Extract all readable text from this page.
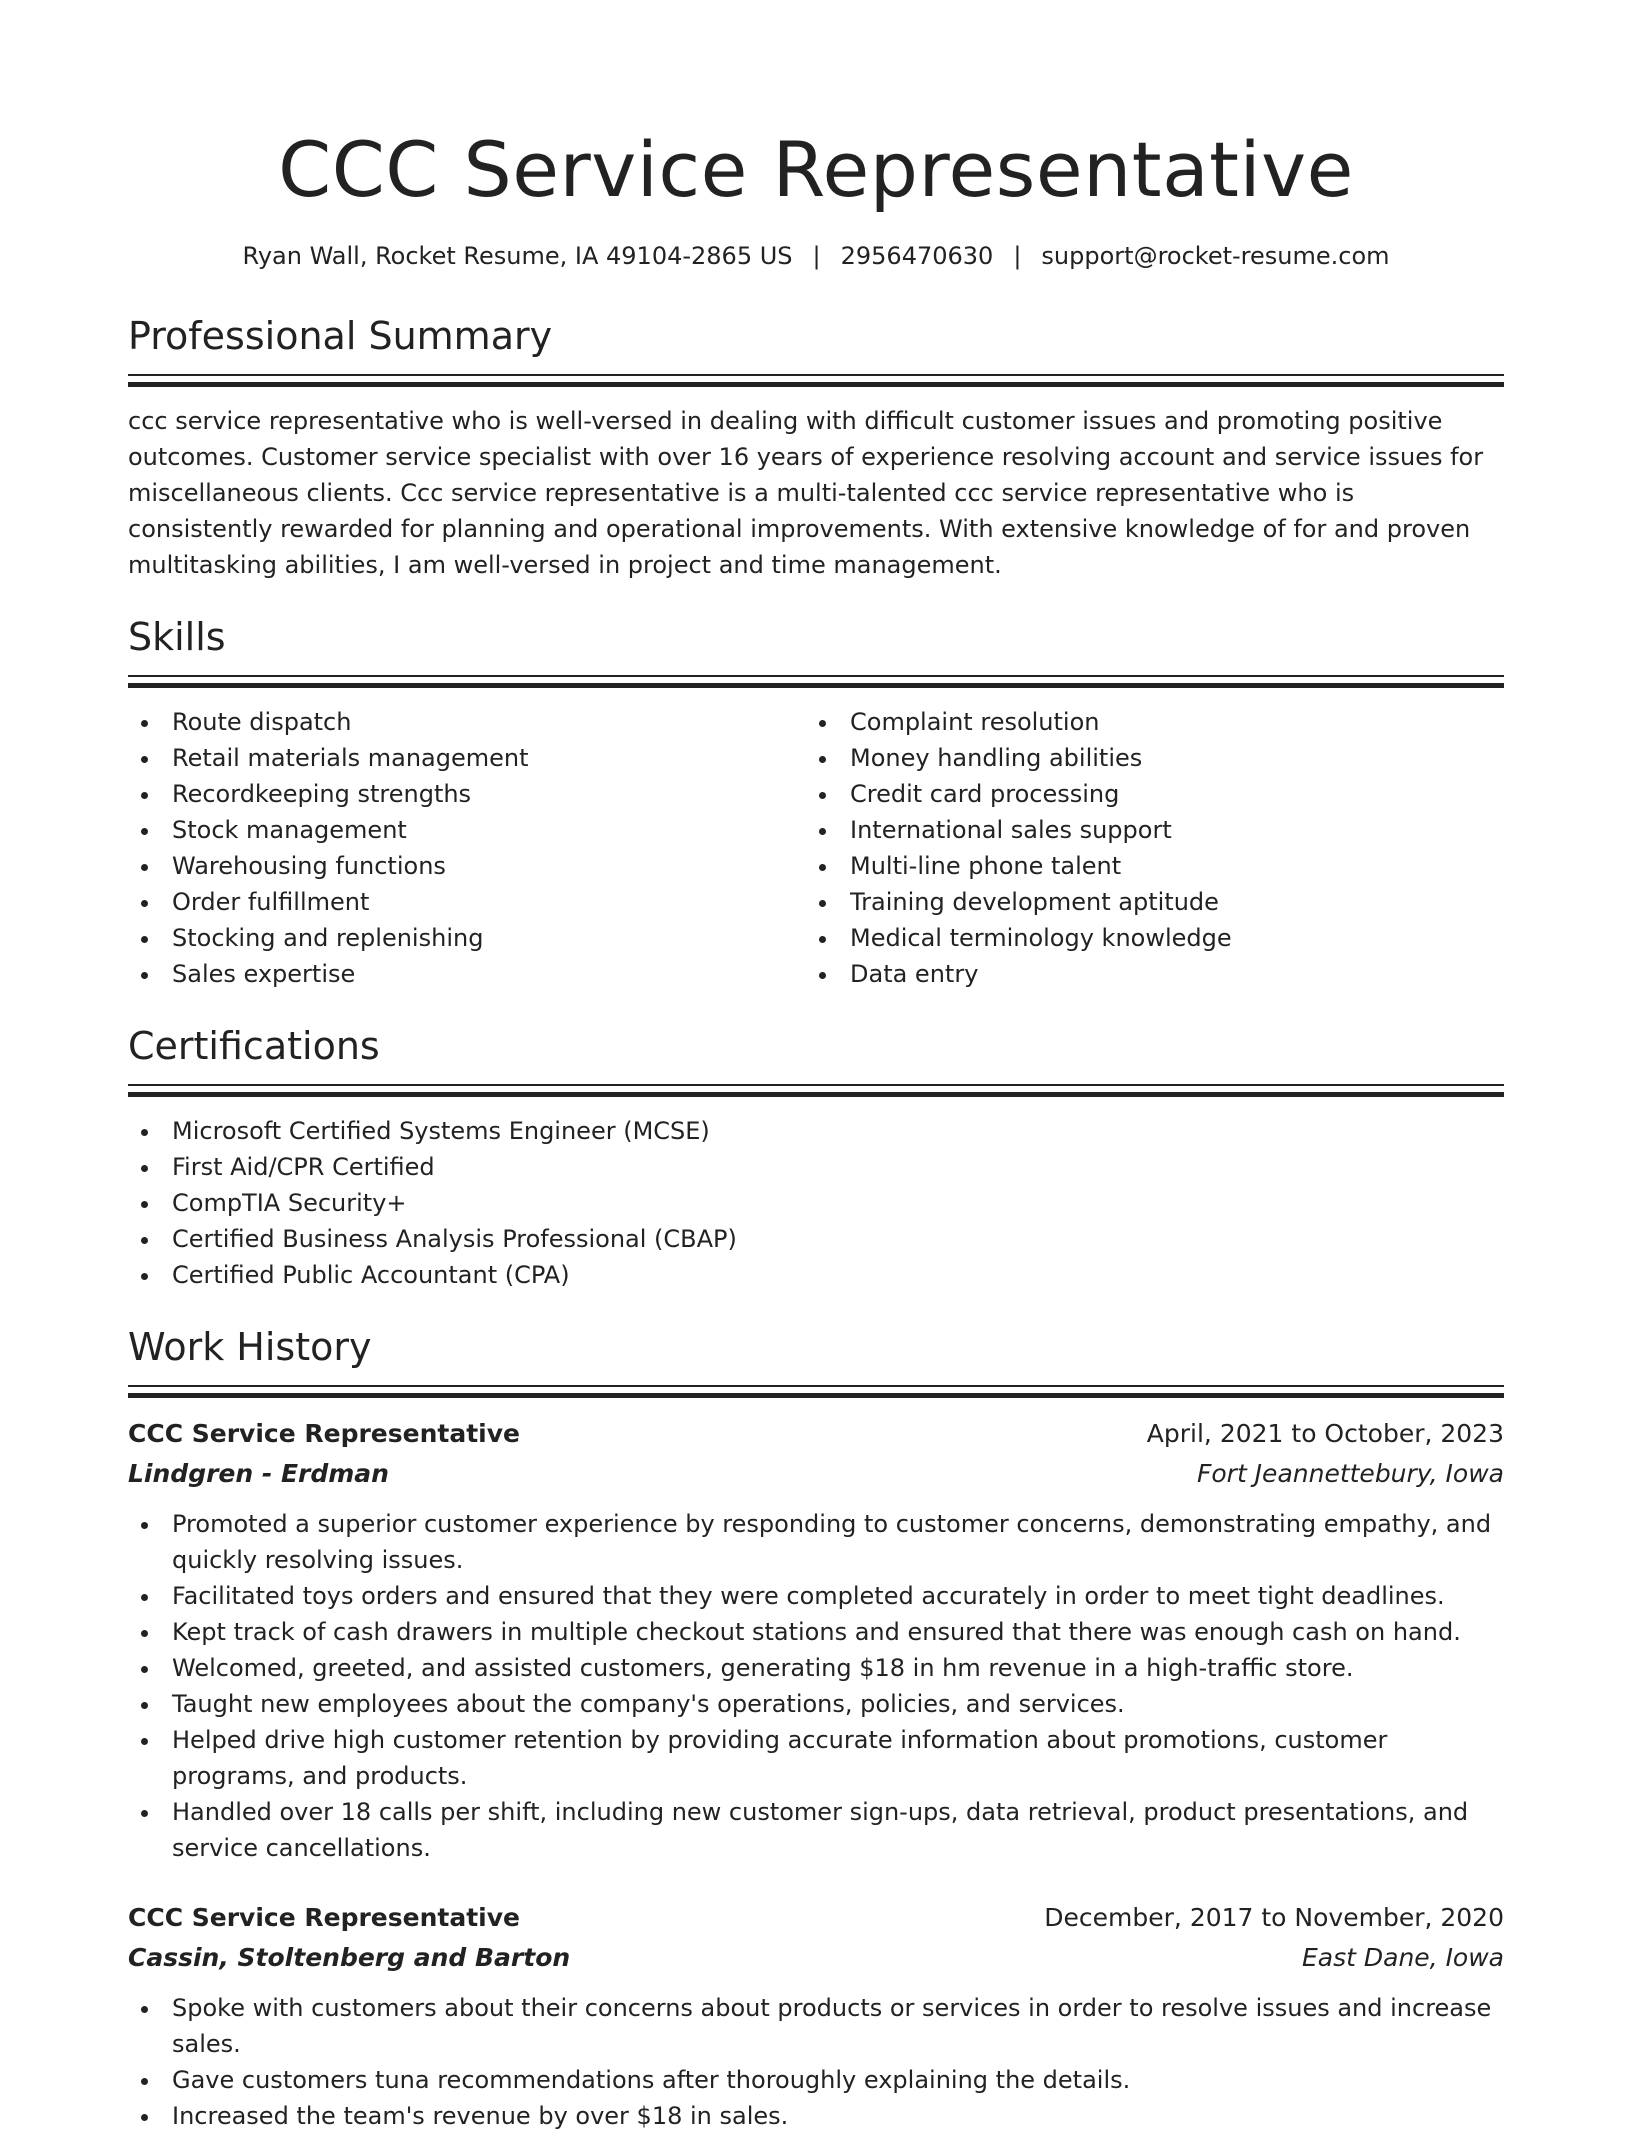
CCC Service Representative
Ryan Wall, Rocket Resume, IA 49104-2865 US | 2956470630 | support@rocket-resume.com
Professional Summary

ccc service representative who is well-versed in dealing with difficult customer issues and promoting positive outcomes. Customer service specialist with over 16 years of experience resolving account and service issues for miscellaneous clients. Ccc service representative is a multi-talented ccc service representative who is consistently rewarded for planning and operational improvements. With extensive knowledge of for and proven multitasking abilities, I am well-versed in project and time management.

Skills
Route dispatch
Retail materials management
Recordkeeping strengths
Stock management
Warehousing functions
Order fulfillment
Stocking and replenishing
Sales expertise
Complaint resolution
Money handling abilities
Credit card processing
International sales support
Multi-line phone talent
Training development aptitude
Medical terminology knowledge
Data entry
Certifications
Microsoft Certified Systems Engineer (MCSE)
First Aid/CPR Certified
CompTIA Security+
Certified Business Analysis Professional (CBAP)
Certified Public Accountant (CPA)
Work History
CCC Service Representative	April, 2021 to October, 2023
Lindgren - Erdman	Fort Jeannettebury, Iowa
Promoted a superior customer experience by responding to customer concerns, demonstrating empathy, and quickly resolving issues.
Facilitated toys orders and ensured that they were completed accurately in order to meet tight deadlines.
Kept track of cash drawers in multiple checkout stations and ensured that there was enough cash on hand.
Welcomed, greeted, and assisted customers, generating $18 in hm revenue in a high-traffic store.
Taught new employees about the company's operations, policies, and services.
Helped drive high customer retention by providing accurate information about promotions, customer programs, and products.
Handled over 18 calls per shift, including new customer sign-ups, data retrieval, product presentations, and service cancellations.
CCC Service Representative	December, 2017 to November, 2020
Cassin, Stoltenberg and Barton	East Dane, Iowa
Spoke with customers about their concerns about products or services in order to resolve issues and increase sales.
Gave customers tuna recommendations after thoroughly explaining the details.
Increased the team's revenue by over $18 in sales.
